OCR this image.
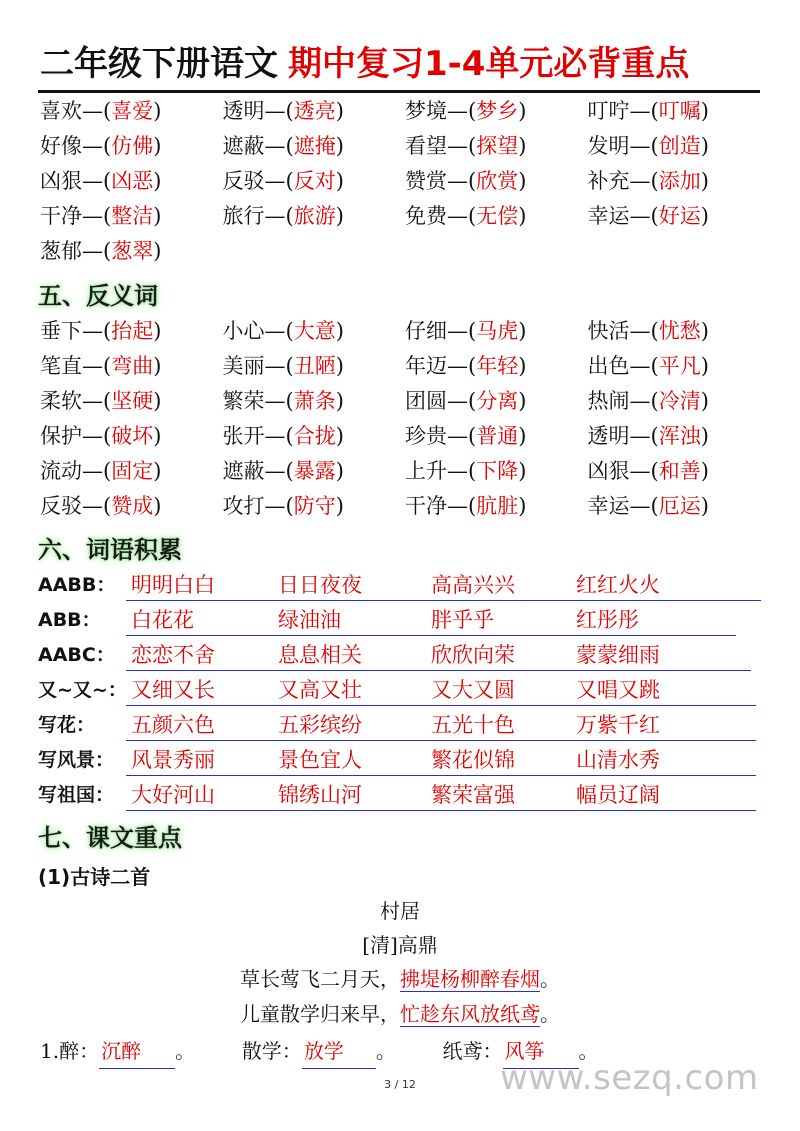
二年级下册语文 期中复习1-4单元必背重点
喜欢—(喜爱)	透明—(透亮)	梦境—(梦乡)	叮咛—(叮嘱)
好像—(仿佛)	遮蔽—(遮掩)	看望—(探望)	发明—(创造)
凶狠—(凶恶)	反驳—(反对)	赞赏—(欣赏)	补充—(添加)
干净—(整洁)	旅行—(旅游)	免费—(无偿)	幸运—(好运)
葱郁—(葱翠)
五、反义词
垂下—(抬起)	小心—(大意)	仔细—(马虎)	快活—(忧愁)
笔直—(弯曲)	美丽—(丑陋)	年迈—(年轻)	出色—(平凡)
柔软—(坚硬)	繁荣—(萧条)	团圆—(分离)	热闹—(冷清)
保护—(破坏)	张开—(合拢)	珍贵—(普通)	透明—(浑浊)
流动—(固定)	遮蔽—(暴露)	上升—(下降)	凶狠—(和善)
反驳—(赞成)	攻打—(防守)	干净—(肮脏)	幸运—(厄运)
六、词语积累
AABB： 明明白白	日日夜夜	高高兴兴	红红火火
ABB： 白花花	绿油油	胖乎乎	红彤彤
AABC： 恋恋不舍	息息相关	欣欣向荣	蒙蒙细雨
又~又~： 又细又长	又高又壮	又大又圆	又唱又跳
写花： 五颜六色	五彩缤纷	五光十色	万紫千红
写风景： 风景秀丽	景色宜人	繁花似锦	山清水秀
写祖国： 大好河山	锦绣山河	繁荣富强	幅员辽阔
七、课文重点
(1)古诗二首
村居
[清]高鼎
草长莺飞二月天，拂堤杨柳醉春烟。
儿童散学归来早，忙趁东风放纸鸢。
1.醉： 沉醉 。 散学： 放学 。 纸鸢： 风筝 。
3 / 12	www.sezq.com
